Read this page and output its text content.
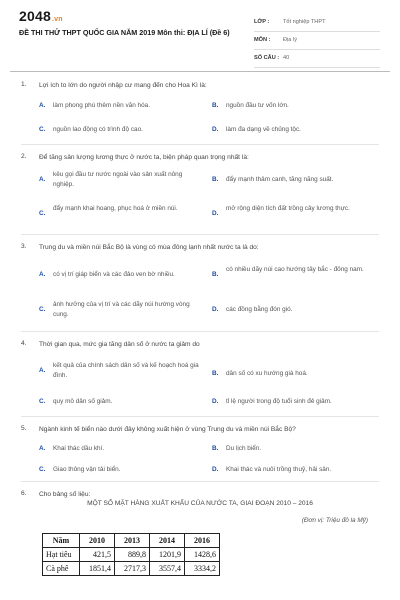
2048.vn
ĐỀ THI THỬ THPT QUỐC GIA NĂM 2019 Môn thi: ĐỊA LÍ (Đề 6)
LỚP : Tốt nghiệp THPT
MÔN : Địa lý
SỐ CÂU : 40
1. Lợi ích to lớn do người nhập cư mang đến cho Hoa Kì là:
A. làm phong phú thêm nền văn hóa.	B. nguồn đầu tư vốn lớn.
C. nguồn lao động có trình độ cao.	D. làm đa dạng về chủng tộc.
2. Để tăng sản lượng lương thực ở nước ta, biện pháp quan trọng nhất là:
A.
kêu gọi đầu tư nước ngoài vào sản xuất nông nghiệp.
B. đẩy mạnh thâm canh, tăng năng suất.
C.
đẩy mạnh khai hoang, phục hoá ở miền núi.
D.
mở rộng diện tích đất trồng cây lương thực.
3. Trung du và miền núi Bắc Bộ là vùng có mùa đông lạnh nhất nước ta là do:
A. có vị trí giáp biển và các đảo ven bờ nhiều.	B.
có nhiều dãy núi cao hướng tây bắc - đông nam.
C.
ảnh hưởng của vị trí và các dãy núi hướng vòng cung.
D. các đồng bằng đón gió.
4. Thời gian qua, mức gia tăng dân số ở nước ta giảm do
A.
kết quả của chính sách dân số và kế hoạch hoá gia đình.	B. dân số có xu hướng già hoá.
C. quy mô dân số giảm.	D. tỉ lệ người trong độ tuổi sinh đẻ giảm.
5. Ngành kinh tế biển nào dưới đây không xuất hiện ở vùng Trung du và miền núi Bắc Bộ?
A. Khai thác dầu khí.	B. Du lịch biển.
C. Giao thông vận tải biển.	D. Khai thác và nuôi trồng thuỷ, hải sản.
6. Cho bảng số liệu:
MỘT SỐ MẶT HÀNG XUẤT KHẨU CỦA NƯỚC TA, GIAI ĐOẠN 2010 – 2016
(Đơn vị: Triệu đô la Mỹ)
Năm	2010	2013	2014	2016
Hạt tiêu	421,5	889,8	1201,9	1428,6
Cà phê	1851,4	2717,3	3557,4	3334,2
